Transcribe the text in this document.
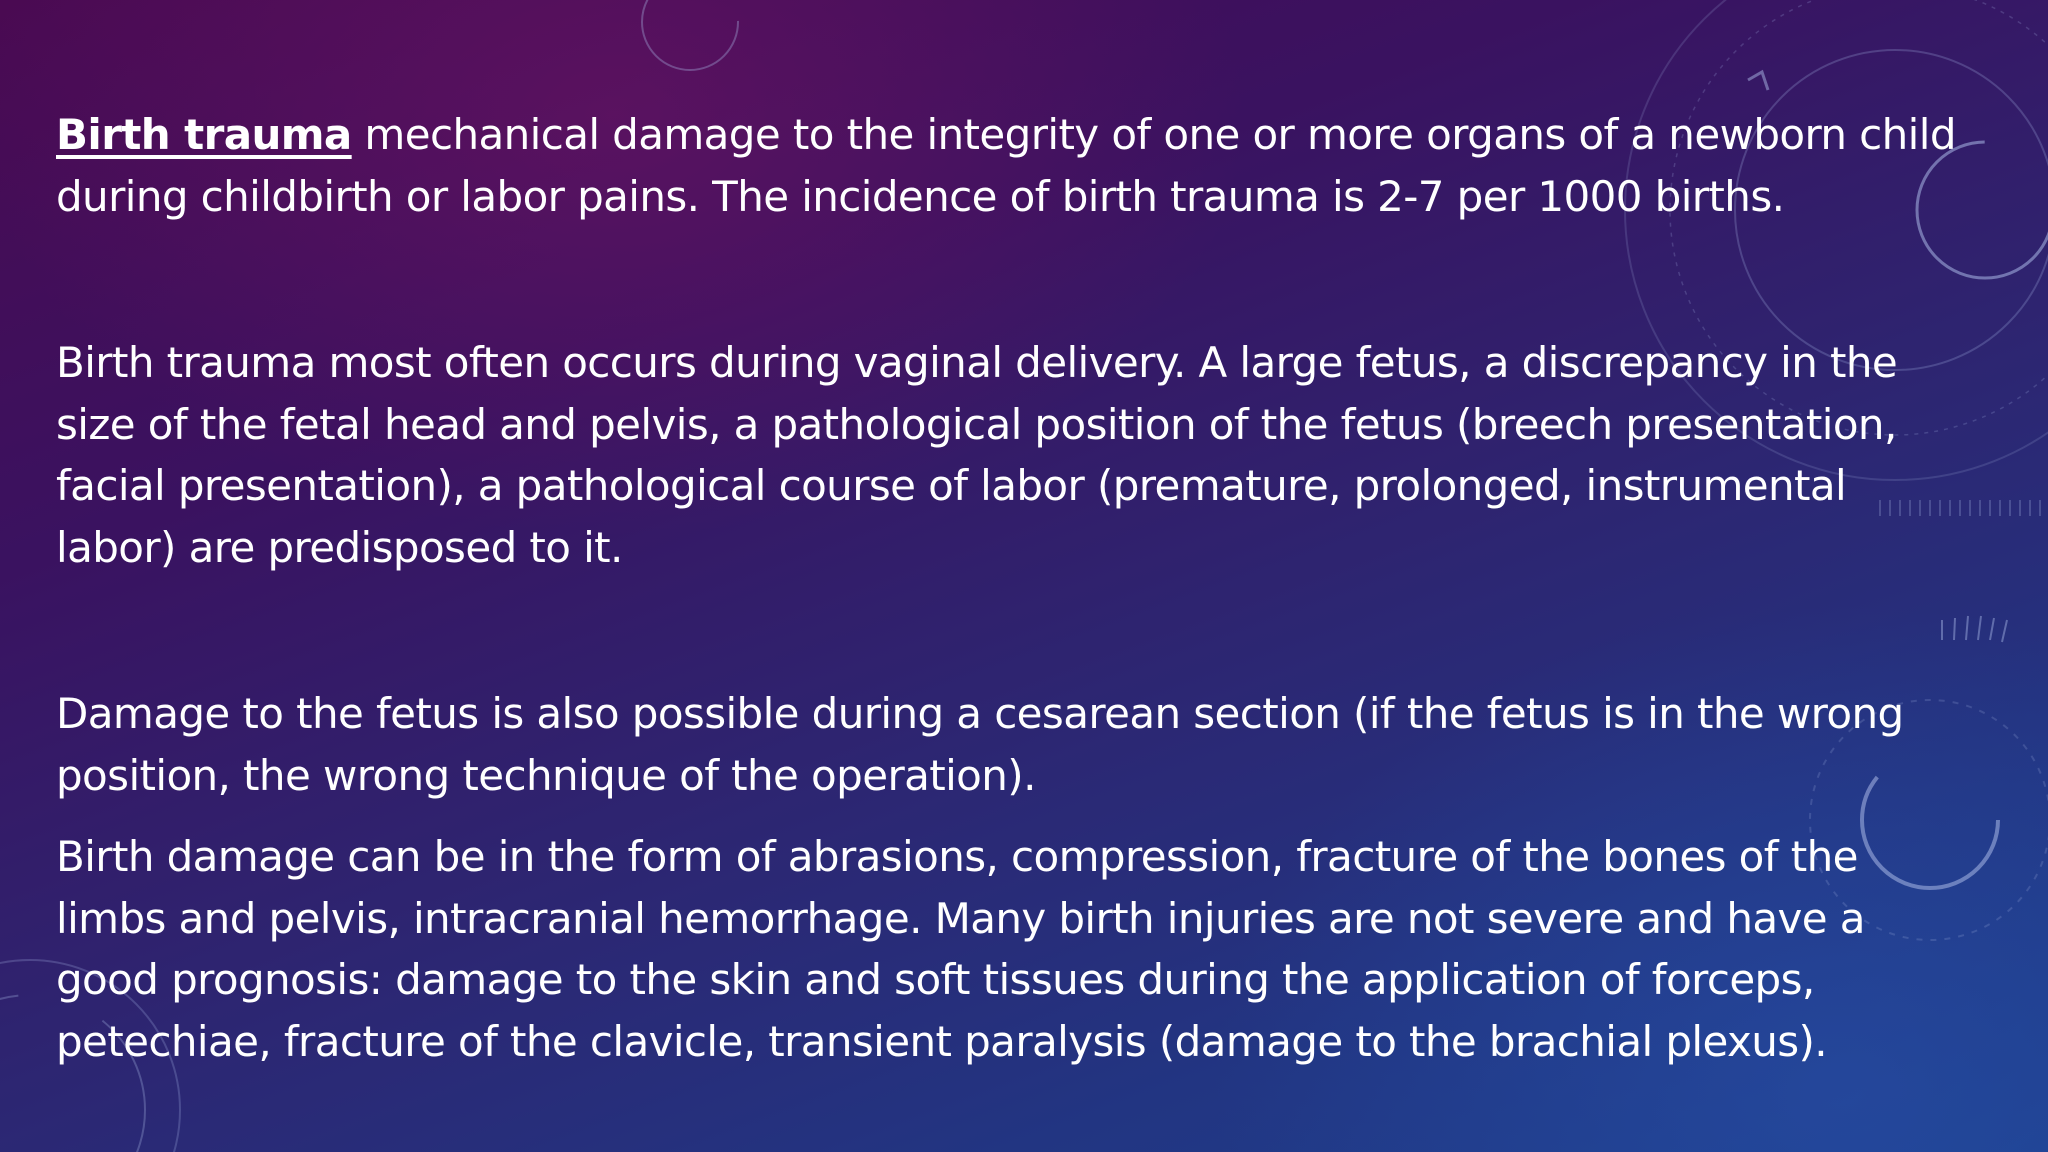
Birth trauma mechanical damage to the integrity of one or more organs of a newborn child during childbirth or labor pains. The incidence of birth trauma is 2-7 per 1000 births.

Birth trauma most often occurs during vaginal delivery. A large fetus, a discrepancy in the size of the fetal head and pelvis, a pathological position of the fetus (breech presentation, facial presentation), a pathological course of labor (premature, prolonged, instrumental labor) are predisposed to it.

Damage to the fetus is also possible during a cesarean section (if the fetus is in the wrong position, the wrong technique of the operation).

Birth damage can be in the form of abrasions, compression, fracture of the bones of the limbs and pelvis, intracranial hemorrhage. Many birth injuries are not severe and have a good prognosis: damage to the skin and soft tissues during the application of forceps, petechiae, fracture of the clavicle, transient paralysis (damage to the brachial plexus).
